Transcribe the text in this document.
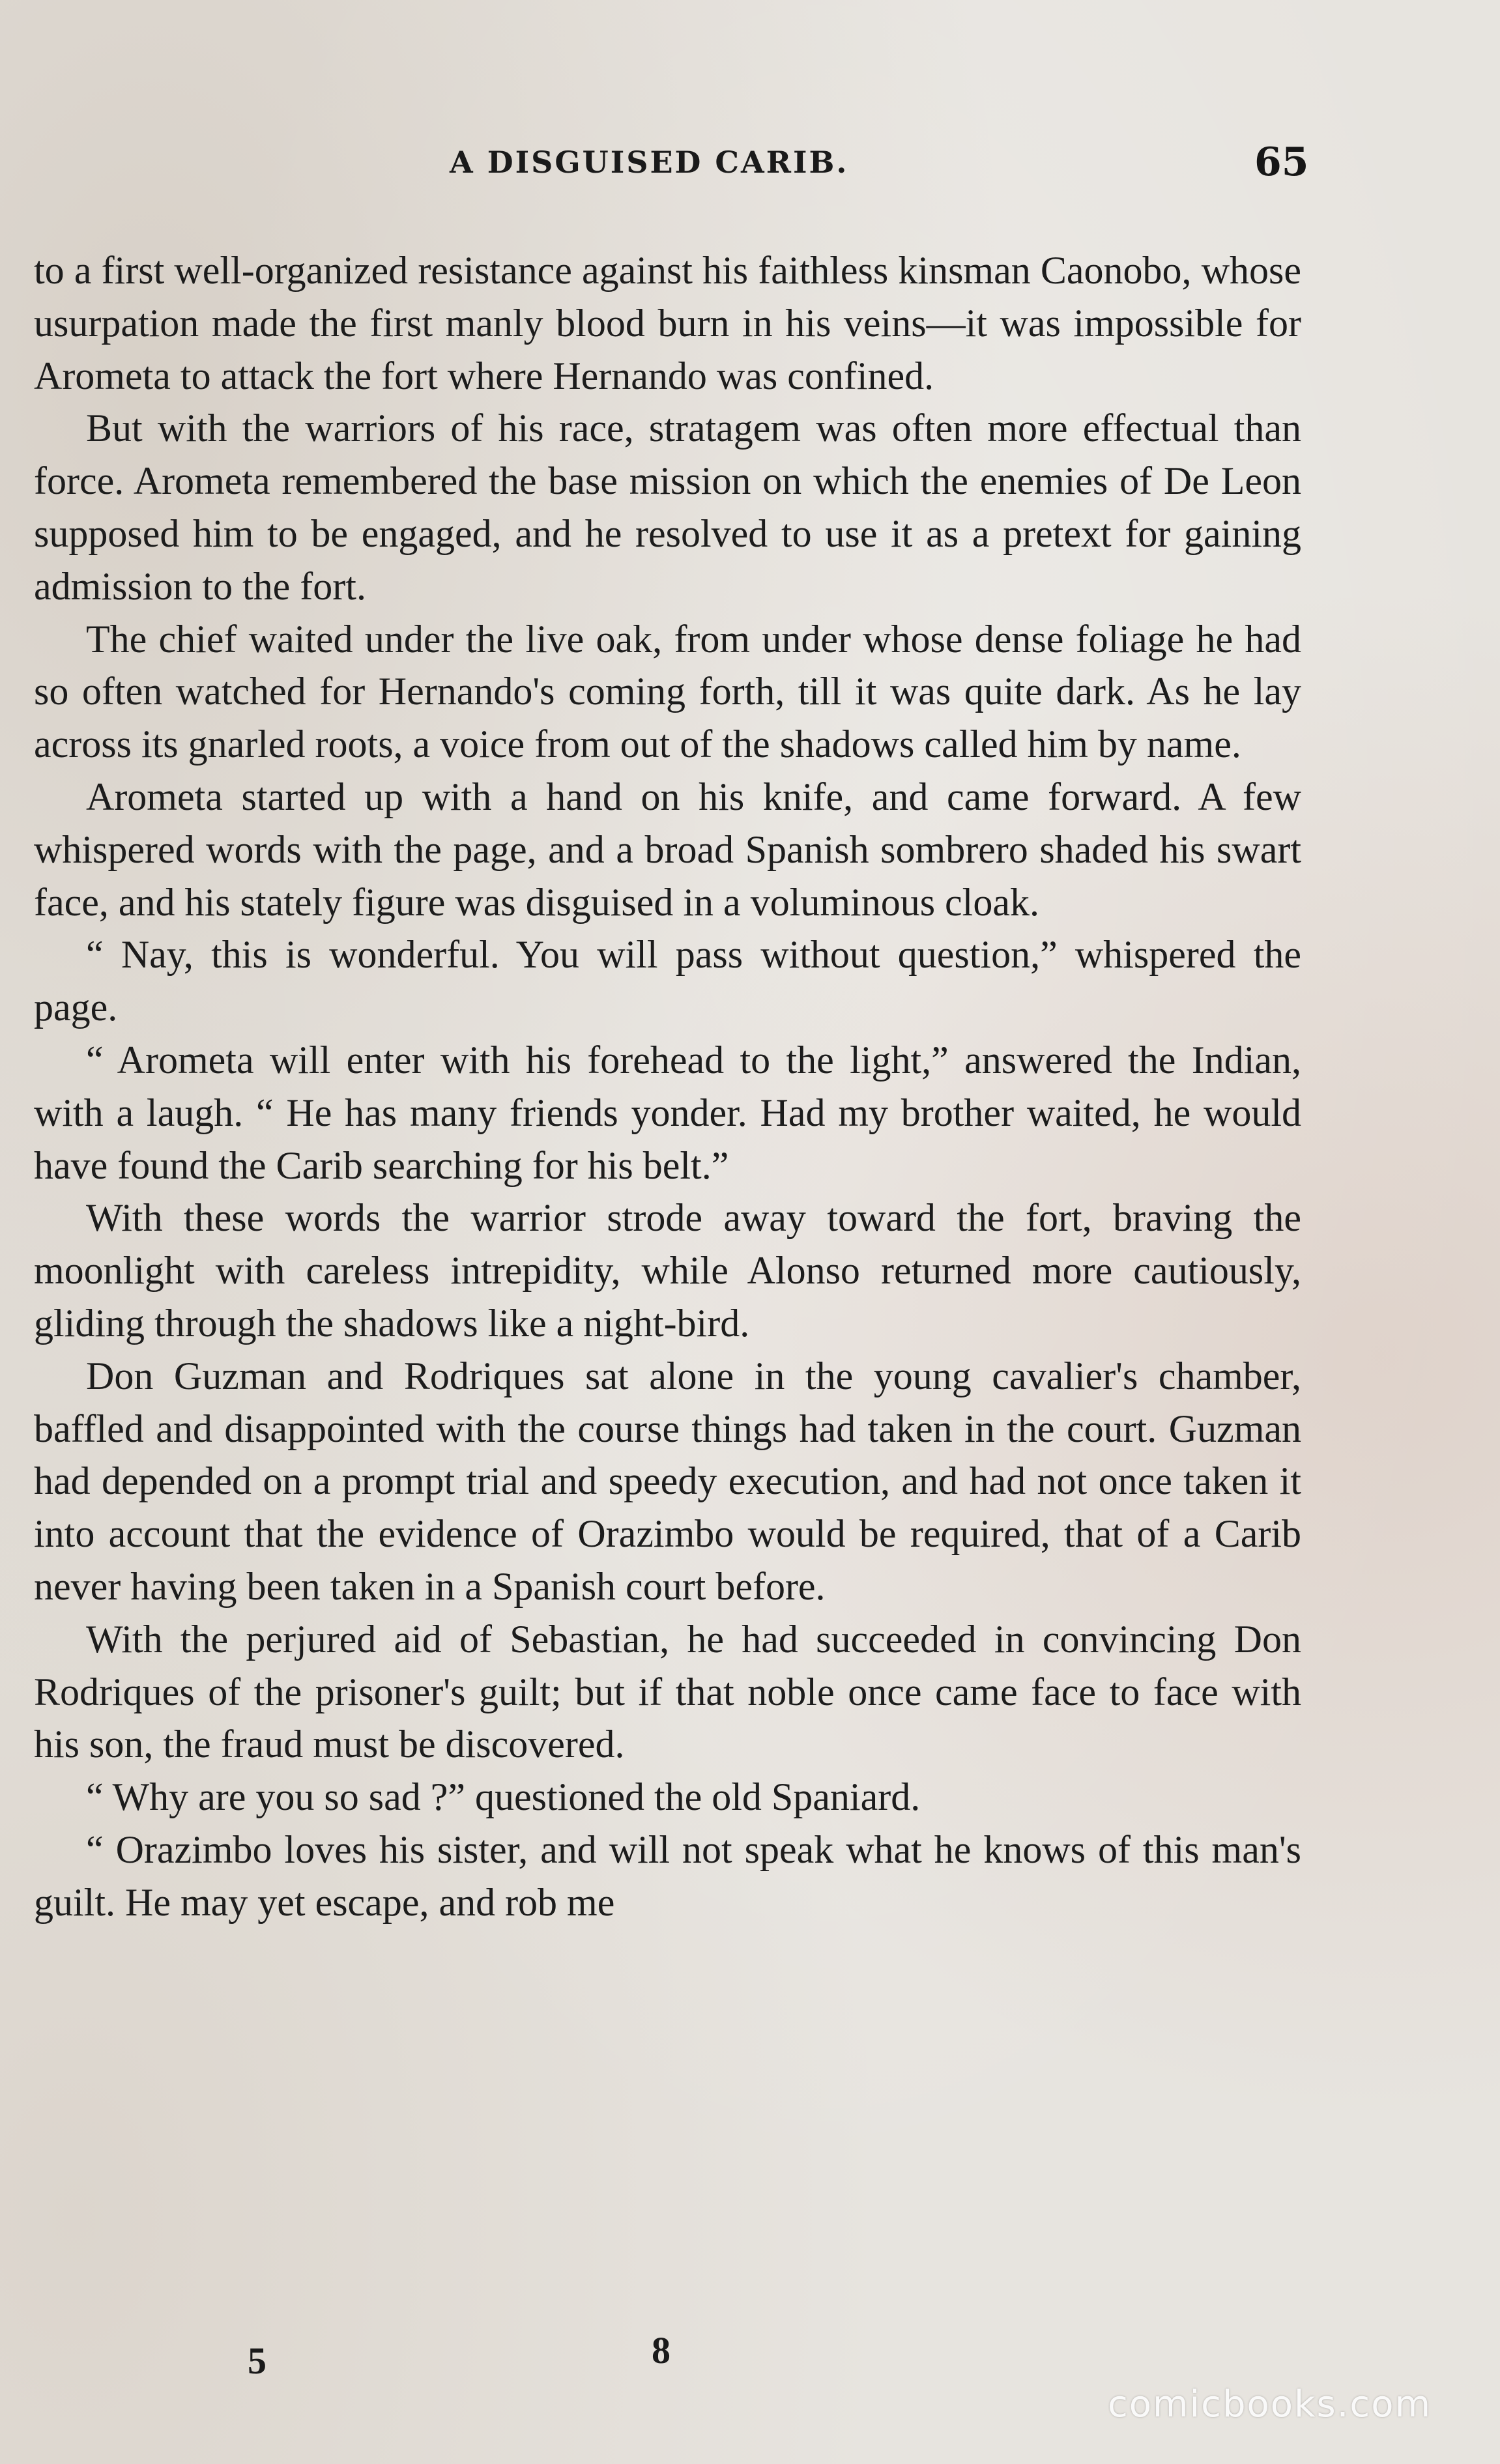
A DISGUISED CARIB.	65

to a first well-organized resistance against his faithless kinsman Caonobo, whose usurpation made the first manly blood burn in his veins—it was impossible for Arometa to attack the fort where Hernando was confined.

But with the warriors of his race, stratagem was often more effectual than force. Arometa remembered the base mission on which the enemies of De Leon supposed him to be engaged, and he resolved to use it as a pretext for gaining admission to the fort.

The chief waited under the live oak, from under whose dense foliage he had so often watched for Hernando's coming forth, till it was quite dark. As he lay across its gnarled roots, a voice from out of the shadows called him by name.

Arometa started up with a hand on his knife, and came forward. A few whispered words with the page, and a broad Spanish sombrero shaded his swart face, and his stately figure was disguised in a voluminous cloak.

“ Nay, this is wonderful. You will pass without question,” whispered the page.

“ Arometa will enter with his forehead to the light,” answered the Indian, with a laugh. “ He has many friends yonder. Had my brother waited, he would have found the Carib searching for his belt.”

With these words the warrior strode away toward the fort, braving the moonlight with careless intrepidity, while Alonso returned more cautiously, gliding through the shadows like a night-bird.

Don Guzman and Rodriques sat alone in the young cavalier's chamber, baffled and disappointed with the course things had taken in the court. Guzman had depended on a prompt trial and speedy execution, and had not once taken it into account that the evidence of Orazimbo would be required, that of a Carib never having been taken in a Spanish court before.

With the perjured aid of Sebastian, he had succeeded in convincing Don Rodriques of the prisoner's guilt; but if that noble once came face to face with his son, the fraud must be discovered.

“ Why are you so sad ?” questioned the old Spaniard.

“ Orazimbo loves his sister, and will not speak what he knows of this man's guilt. He may yet escape, and rob me

5	8
comicbooks.com
